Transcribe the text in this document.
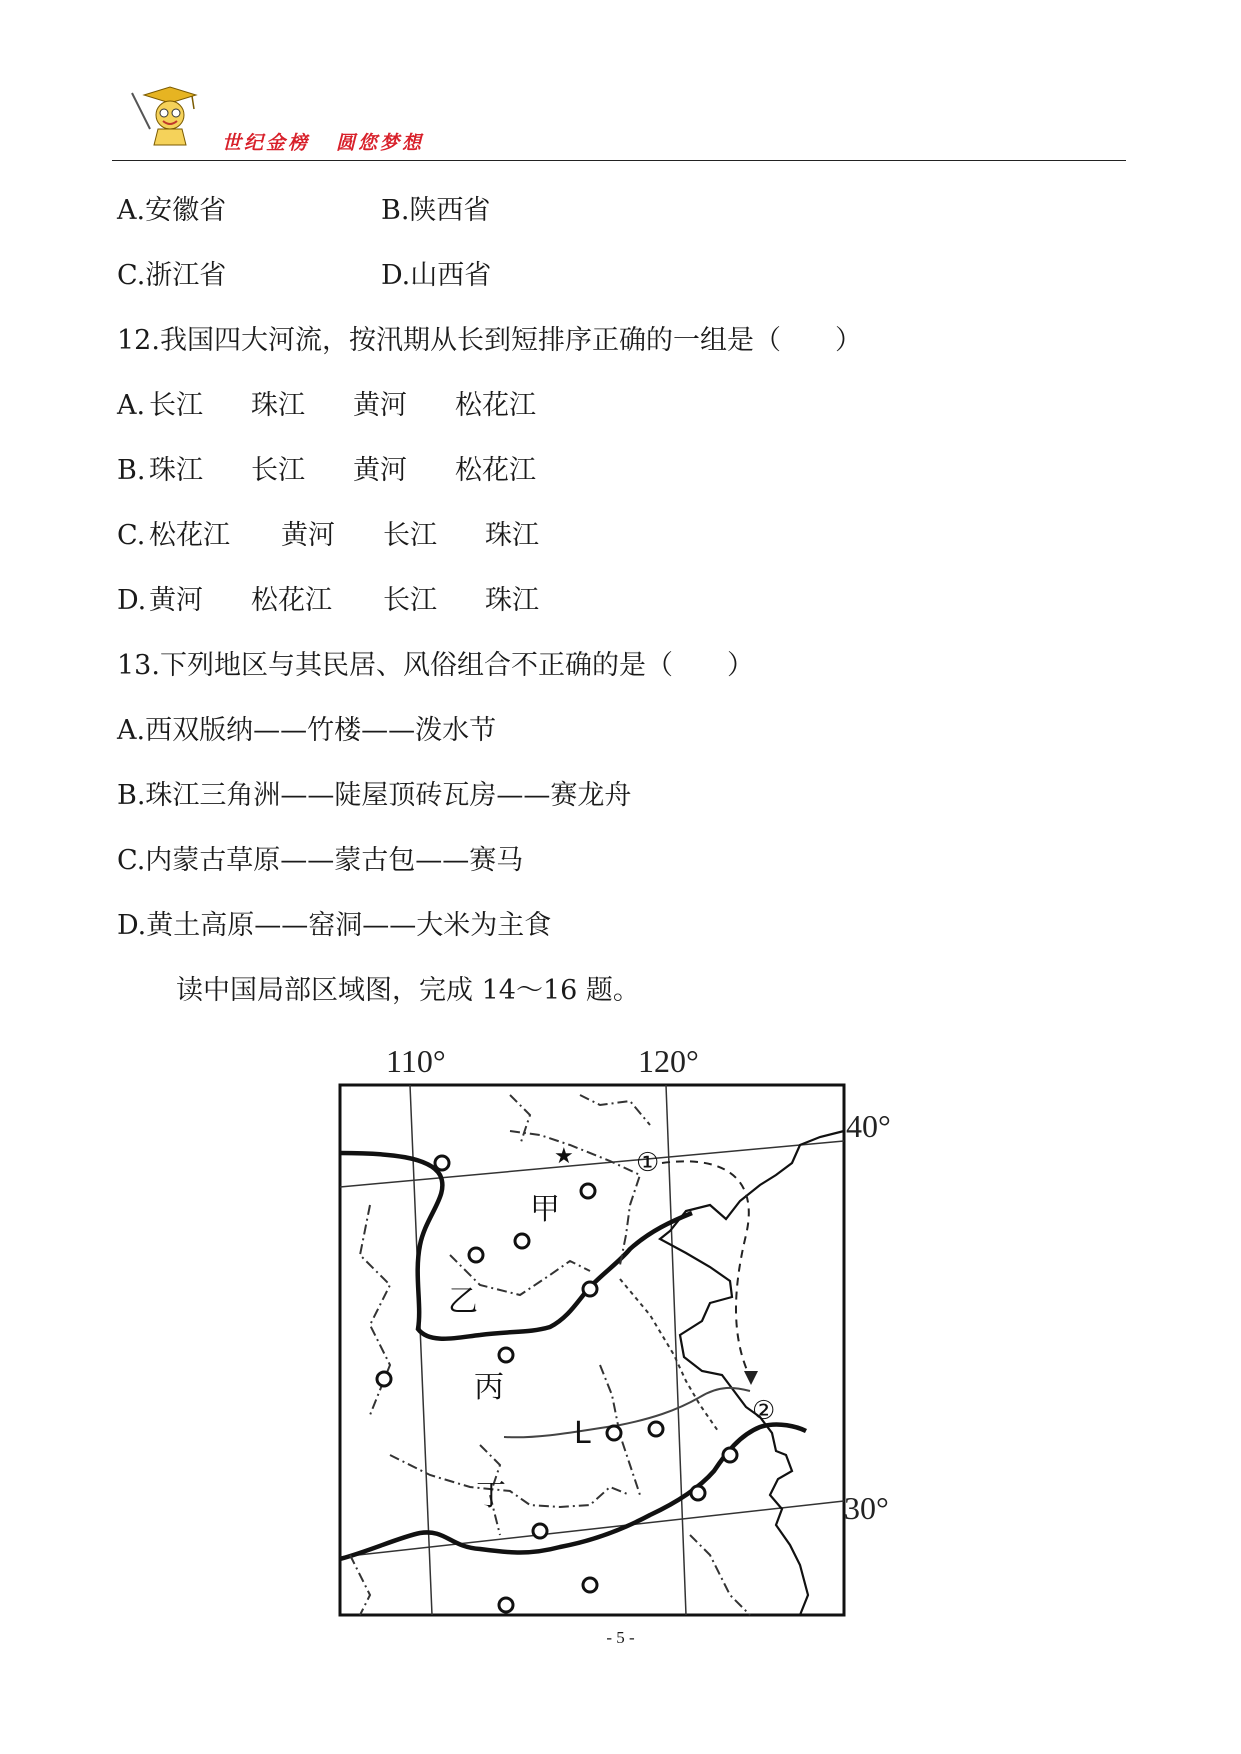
世纪金榜 圆您梦想
A.安徽省	B.陕西省
C.浙江省	D.山西省
12.我国四大河流，按汛期从长到短排序正确的一组是（　　）
A. 长江 珠江 黄河 松花江
B. 珠江 长江 黄河 松花江
C. 松花江 黄河 长江 珠江
D. 黄河 松花江 长江 珠江
13.下列地区与其民居、风俗组合不正确的是（　　）
A.西双版纳——竹楼——泼水节
B.珠江三角洲——陡屋顶砖瓦房——赛龙舟
C.内蒙古草原——蒙古包——赛马
D.黄土高原——窑洞——大米为主食
读中国局部区域图，完成 14～16 题。
110°	120°
40°
30°
★
甲
乙
丙
丁
L
①
②
- 5 -
